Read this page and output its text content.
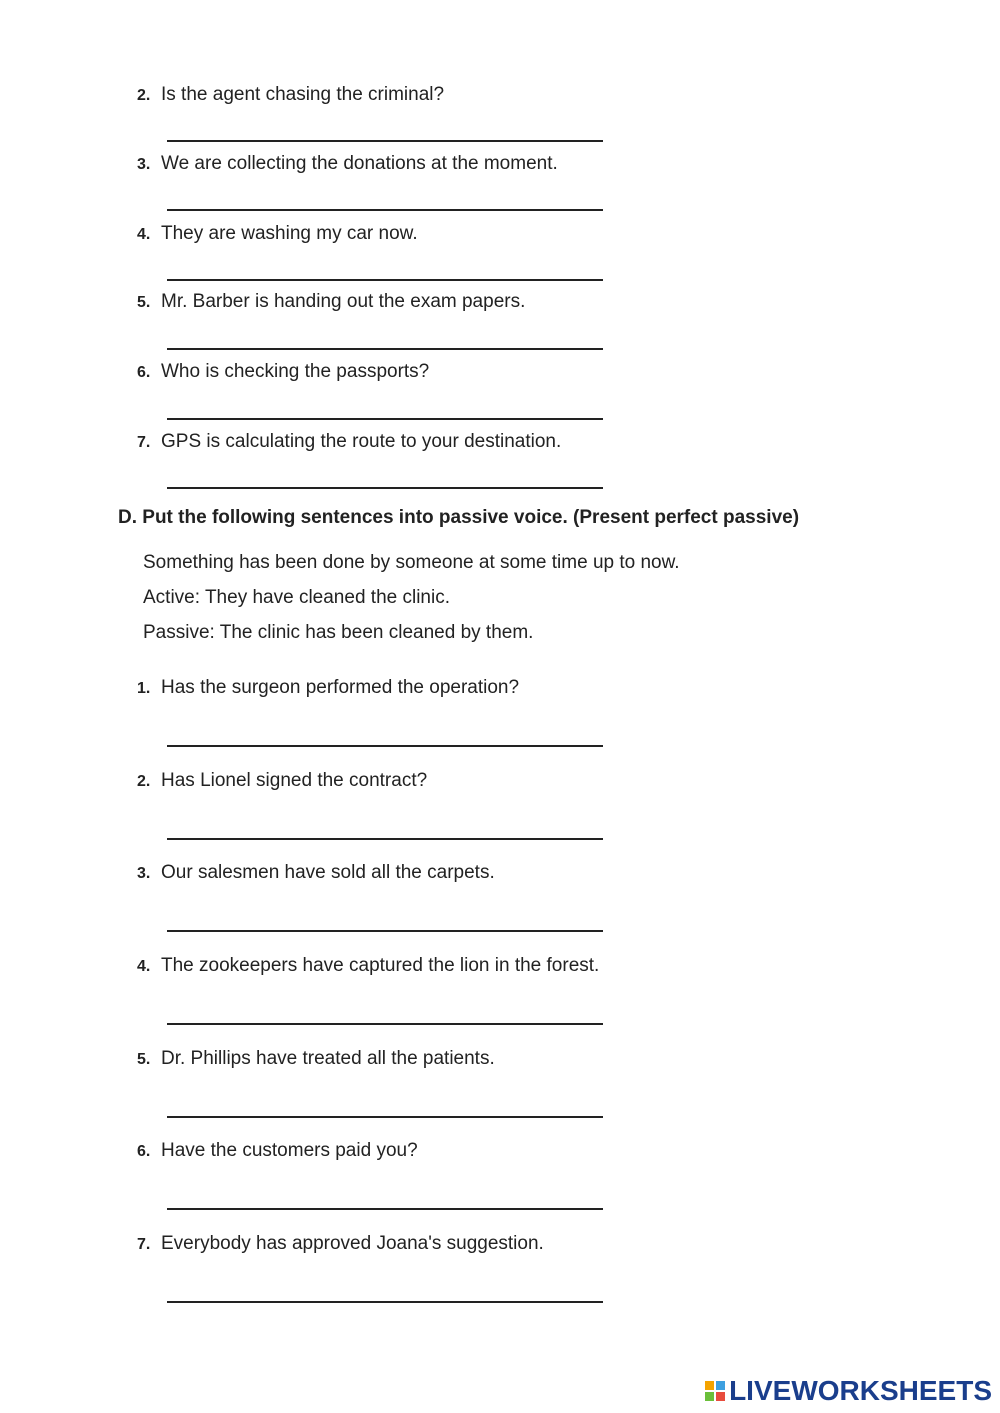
2. Is the agent chasing the criminal?
3. We are collecting the donations at the moment.
4. They are washing my car now.
5. Mr. Barber is handing out the exam papers.
6. Who is checking the passports?
7. GPS is calculating the route to your destination.
D. Put the following sentences into passive voice. (Present perfect passive)
Something has been done by someone at some time up to now.
Active: They have cleaned the clinic.
Passive: The clinic has been cleaned by them.
1. Has the surgeon performed the operation?
2. Has Lionel signed the contract?
3. Our salesmen have sold all the carpets.
4. The zookeepers have captured the lion in the forest.
5. Dr. Phillips have treated all the patients.
6. Have the customers paid you?
7. Everybody has approved Joana's suggestion.
LIVEWORKSHEETS
